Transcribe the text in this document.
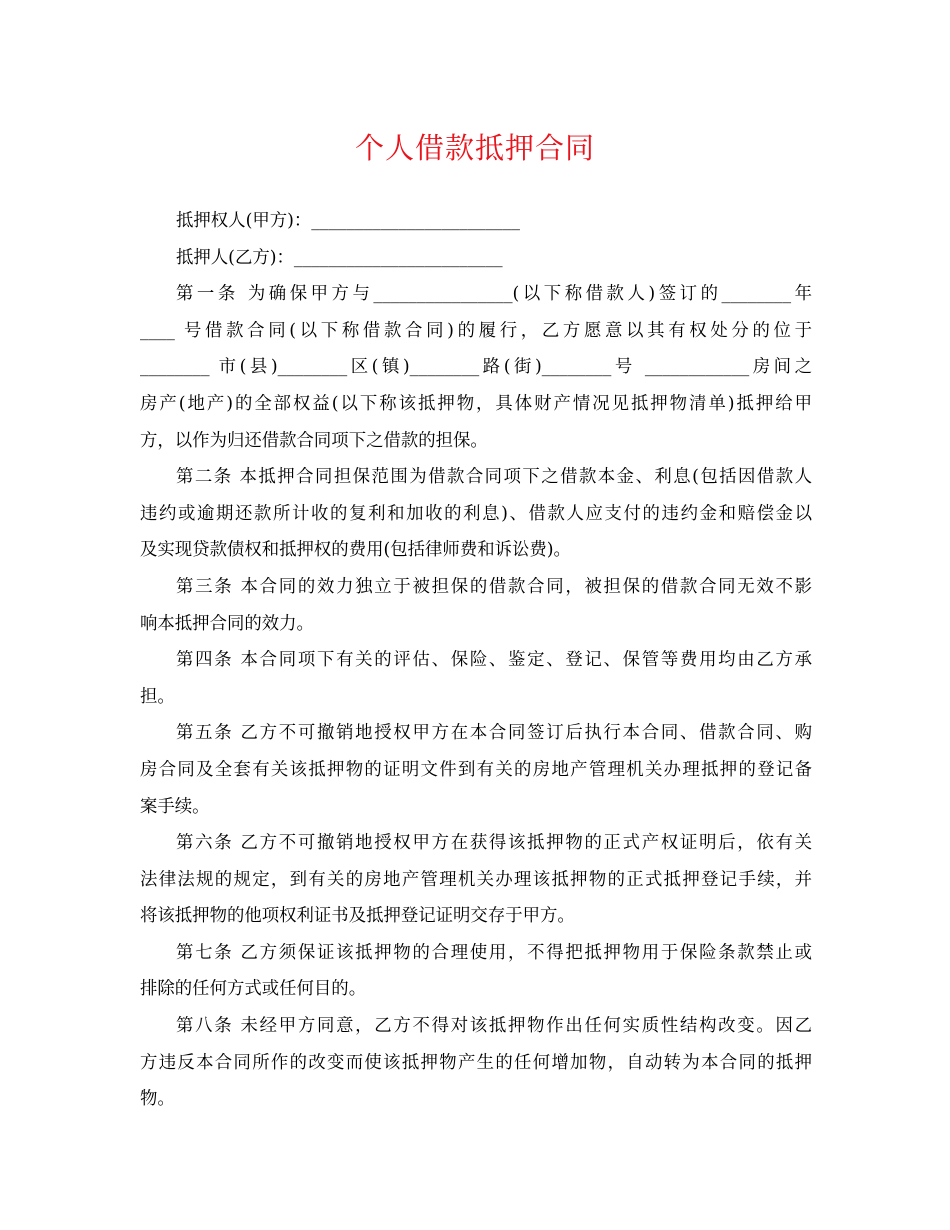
个人借款抵押合同
抵押权人(甲方)：________________________
抵押人(乙方)：________________________
第一条 为确保甲方与________________(以下称借款人)签订的________年
____ 号借款合同(以下称借款合同)的履行，乙方愿意以其有权处分的位于
________ 市(县)________区(镇)________路(街)________号 ____________房间之
房产(地产)的全部权益(以下称该抵押物，具体财产情况见抵押物清单)抵押给甲
方，以作为归还借款合同项下之借款的担保。
第二条 本抵押合同担保范围为借款合同项下之借款本金、利息(包括因借款人
违约或逾期还款所计收的复利和加收的利息)、借款人应支付的违约金和赔偿金以
及实现贷款债权和抵押权的费用(包括律师费和诉讼费)。
第三条 本合同的效力独立于被担保的借款合同，被担保的借款合同无效不影
响本抵押合同的效力。
第四条 本合同项下有关的评估、保险、鉴定、登记、保管等费用均由乙方承
担。
第五条 乙方不可撤销地授权甲方在本合同签订后执行本合同、借款合同、购
房合同及全套有关该抵押物的证明文件到有关的房地产管理机关办理抵押的登记备
案手续。
第六条 乙方不可撤销地授权甲方在获得该抵押物的正式产权证明后，依有关
法律法规的规定，到有关的房地产管理机关办理该抵押物的正式抵押登记手续，并
将该抵押物的他项权利证书及抵押登记证明交存于甲方。
第七条 乙方须保证该抵押物的合理使用，不得把抵押物用于保险条款禁止或
排除的任何方式或任何目的。
第八条 未经甲方同意，乙方不得对该抵押物作出任何实质性结构改变。因乙
方违反本合同所作的改变而使该抵押物产生的任何增加物，自动转为本合同的抵押
物。
